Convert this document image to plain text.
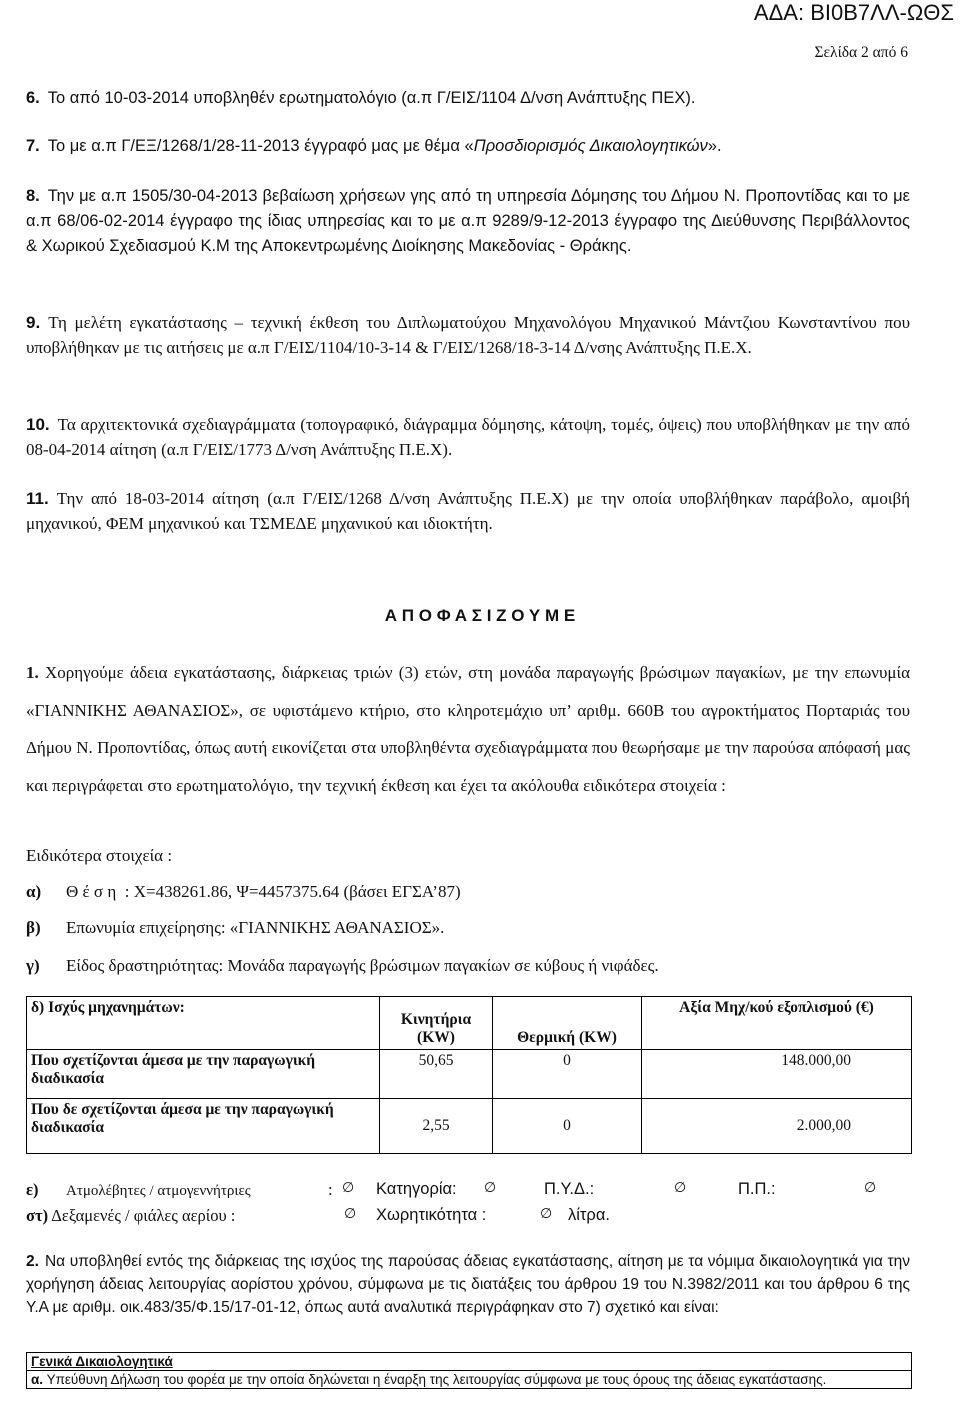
ΑΔΑ: ΒΙ0Β7ΛΛ-ΩΘΣ
Σελίδα 2 από 6
6. Το από 10-03-2014 υποβληθέν ερωτηματολόγιο (α.π Γ/ΕΙΣ/1104 Δ/νση Ανάπτυξης ΠΕΧ).
7. Το με α.π Γ/ΕΞ/1268/1/28-11-2013 έγγραφό μας με θέμα «Προσδιορισμός Δικαιολογητικών».
8. Την με α.π 1505/30-04-2013 βεβαίωση χρήσεων γης από τη υπηρεσία Δόμησης του Δήμου Ν. Προποντίδας και το με α.π 68/06-02-2014 έγγραφο της ίδιας υπηρεσίας και το με α.π 9289/9-12-2013 έγγραφο της Διεύθυνσης Περιβάλλοντος & Χωρικού Σχεδιασμού Κ.Μ της Αποκεντρωμένης Διοίκησης Μακεδονίας - Θράκης.
9. Τη μελέτη εγκατάστασης – τεχνική έκθεση του Διπλωματούχου Μηχανολόγου Μηχανικού Μάντζιου Κωνσταντίνου που υποβλήθηκαν με τις αιτήσεις με α.π Γ/ΕΙΣ/1104/10-3-14 & Γ/ΕΙΣ/1268/18-3-14 Δ/νσης Ανάπτυξης Π.Ε.Χ.
10. Τα αρχιτεκτονικά σχεδιαγράμματα (τοπογραφικό, διάγραμμα δόμησης, κάτοψη, τομές, όψεις) που υποβλήθηκαν με την από 08-04-2014 αίτηση (α.π Γ/ΕΙΣ/1773 Δ/νση Ανάπτυξης Π.Ε.Χ).
11. Την από 18-03-2014 αίτηση (α.π Γ/ΕΙΣ/1268 Δ/νση Ανάπτυξης Π.Ε.Χ) με την οποία υποβλήθηκαν παράβολο, αμοιβή μηχανικού, ΦΕΜ μηχανικού και ΤΣΜΕΔΕ μηχανικού και ιδιοκτήτη.
Α Π Ο Φ Α Σ Ι Ζ Ο Υ Μ Ε
1. Χορηγούμε άδεια εγκατάστασης, διάρκειας τριών (3) ετών, στη μονάδα παραγωγής βρώσιμων παγακίων, με την επωνυμία «ΓΙΑΝΝΙΚΗΣ ΑΘΑΝΑΣΙΟΣ», σε υφιστάμενο κτήριο, στο κληροτεμάχιο υπ’ αριθμ. 660Β του αγροκτήματος Πορταριάς του Δήμου Ν. Προποντίδας, όπως αυτή εικονίζεται στα υποβληθέντα σχεδιαγράμματα που θεωρήσαμε με την παρούσα απόφασή μας και περιγράφεται στο ερωτηματολόγιο, την τεχνική έκθεση και έχει τα ακόλουθα ειδικότερα στοιχεία :
Ειδικότερα στοιχεία :
α) Θ έ σ η : Χ=438261.86, Ψ=4457375.64 (βάσει ΕΓΣΑ’87)
β) Επωνυμία επιχείρησης: «ΓΙΑΝΝΙΚΗΣ ΑΘΑΝΑΣΙΟΣ».
γ) Είδος δραστηριότητας: Μονάδα παραγωγής βρώσιμων παγακίων σε κύβους ή νιφάδες.
δ) Ισχύς μηχανημάτων:	Κινητήρια (KW)	Θερμική (KW)	Αξία Μηχ/κού εξοπλισμού (€)
Που σχετίζονται άμεσα με την παραγωγική διαδικασία	50,65	0	148.000,00
Που δε σχετίζονται άμεσα με την παραγωγική διαδικασία	2,55	0	2.000,00
ε) Ατμολέβητες / ατμογεννήτριες	: ∅ Κατηγορία: ∅	Π.Υ.Δ.:	∅	Π.Π.:	∅
στ) Δεξαμενές / φιάλες αερίου :	∅ Χωρητικότητα :	∅ λίτρα.
2. Να υποβληθεί εντός της διάρκειας της ισχύος της παρούσας άδειας εγκατάστασης, αίτηση με τα νόμιμα δικαιολογητικά για την χορήγηση άδειας λειτουργίας αορίστου χρόνου, σύμφωνα με τις διατάξεις του άρθρου 19 του Ν.3982/2011 και του άρθρου 6 της Υ.Α με αριθμ. οικ.483/35/Φ.15/17-01-12, όπως αυτά αναλυτικά περιγράφηκαν στο 7) σχετικό και είναι:
Γενικά Δικαιολογητικά
α. Υπεύθυνη Δήλωση του φορέα με την οποία δηλώνεται η έναρξη της λειτουργίας σύμφωνα με τους όρους της άδειας εγκατάστασης.
